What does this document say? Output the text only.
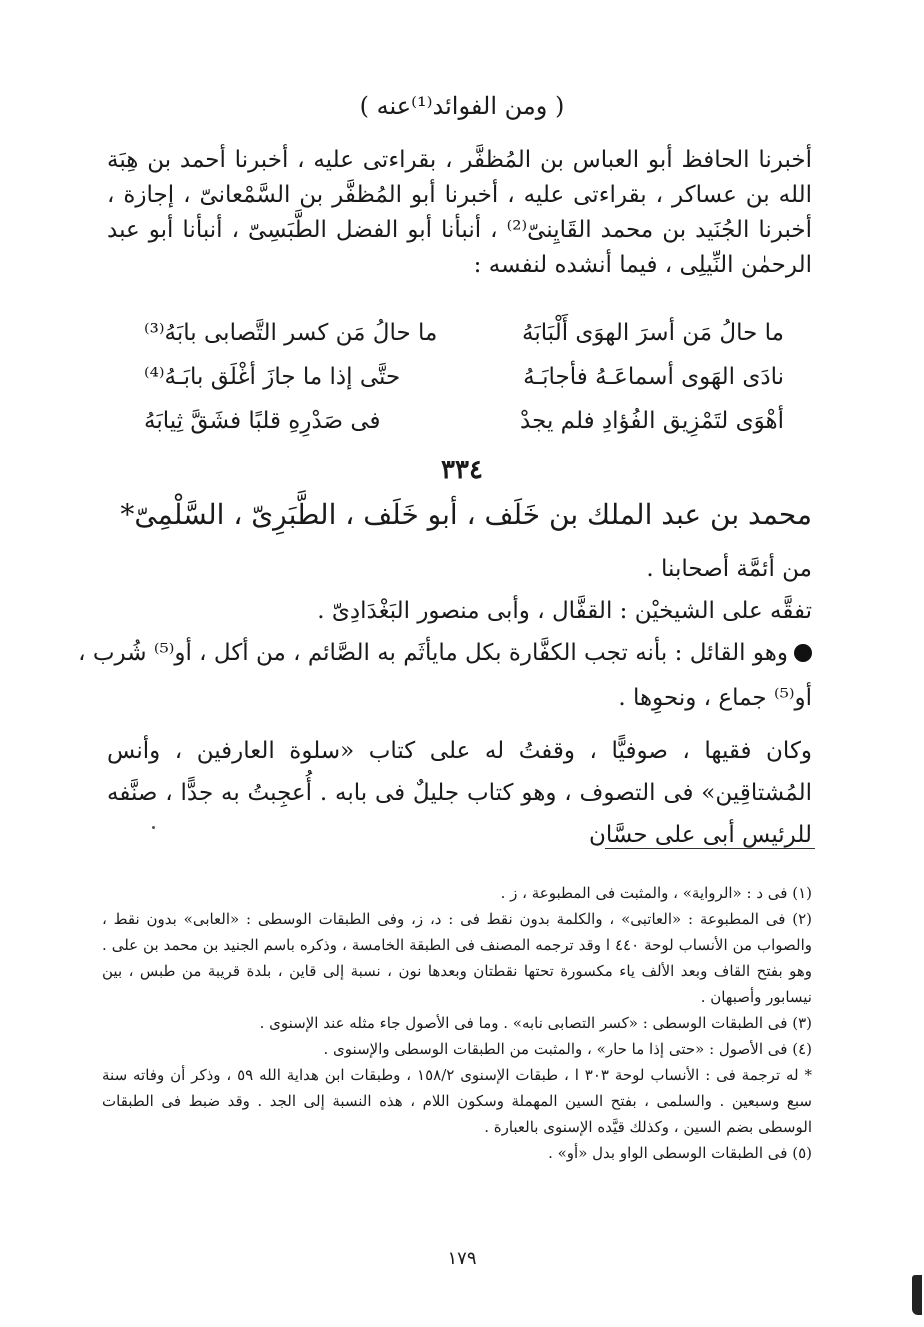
( ومن الفوائد⁽¹⁾عنه )
أخبرنا الحافظ أبو العباس بن المُظفَّر ، بقراءتى عليه ، أخبرنا أحمد بن هِبَة الله بن عساكر ، بقراءتى عليه ، أخبرنا أبو المُظفَّر بن السَّمْعانىّ ، إجازة ، أخبرنا الجُنَيد بن محمد القَايِنىّ⁽²⁾ ، أنبأنا أبو الفضل الطَّبَسِىّ ، أنبأنا أبو عبد الرحمٰن النِّيلِى ، فيما أنشده لنفسه :
ما حالُ مَن أسرَ الهوَى أَلْبَابَهُ
ما حالُ مَن كسر التَّصابى بابَهُ⁽³⁾
نادَى الهَوى أسماعَـهُ فأجابَـهُ
حتَّى إذا ما جازَ أغْلَق بابَـهُ⁽⁴⁾
أهْوَى لتَمْزِيق الفُؤادِ فلم يجدْ
فى صَدْرِهِ قلبًا فشَقَّ ثِيابَهُ
٣٣٤
محمد بن عبد الملك بن خَلَف ، أبو خَلَف ، الطَّبَرِىّ ، السَّلْمِىّ*
من أئمَّة أصحابنا .
تفقَّه على الشيخيْن : القفَّال ، وأبى منصور البَغْدَادِىّ .
وهو القائل : بأنه تجب الكفَّارة بكل مايأثَم به الصَّائم ، من أكل ، أو⁽⁵⁾ شُرب ،
أو⁽⁵⁾ جماع ، ونحوِها .
وكان فقيها ، صوفيًّا ، وقفتُ له على كتاب «سلوة العارفين ، وأنس المُشتاقِين» فى التصوف ، وهو كتاب جليلٌ فى بابه . أُعجِبتُ به جدًّا ، صنَّفه للرئيس أبى على حسَّان

(١) فى د : «الرواية» ، والمثبت فى المطبوعة ، ز .

(٢) فى المطبوعة : «العاتبى» ، والكلمة بدون نقط فى : د، ز، وفى الطبقات الوسطى : «العابى» بدون نقط ، والصواب من الأنساب لوحة ٤٤٠ ا وقد ترجمه المصنف فى الطبقة الخامسة ، وذكره باسم الجنيد بن محمد بن على . وهو بفتح القاف وبعد الألف ياء مكسورة تحتها نقطتان وبعدها نون ، نسبة إلى قاين ، بلدة قريبة من طبس ، بين نيسابور وأصبهان .

(٣) فى الطبقات الوسطى : «كسر التصابى نابه» . وما فى الأصول جاء مثله عند الإسنوى .

(٤) فى الأصول : «حتى إذا ما حار» ، والمثبت من الطبقات الوسطى والإسنوى .

* له ترجمة فى : الأنساب لوحة ٣٠٣ ا ، طبقات الإسنوى ١٥٨/٢ ، وطبقات ابن هداية الله ٥٩ ، وذكر أن وفاته سنة سبع وسبعين . والسلمى ، بفتح السين المهملة وسكون اللام ، هذه النسبة إلى الجد . وقد ضبط فى الطبقات الوسطى بضم السين ، وكذلك قيَّده الإسنوى بالعبارة .

(٥) فى الطبقات الوسطى الواو بدل «أو» .

١٧٩
